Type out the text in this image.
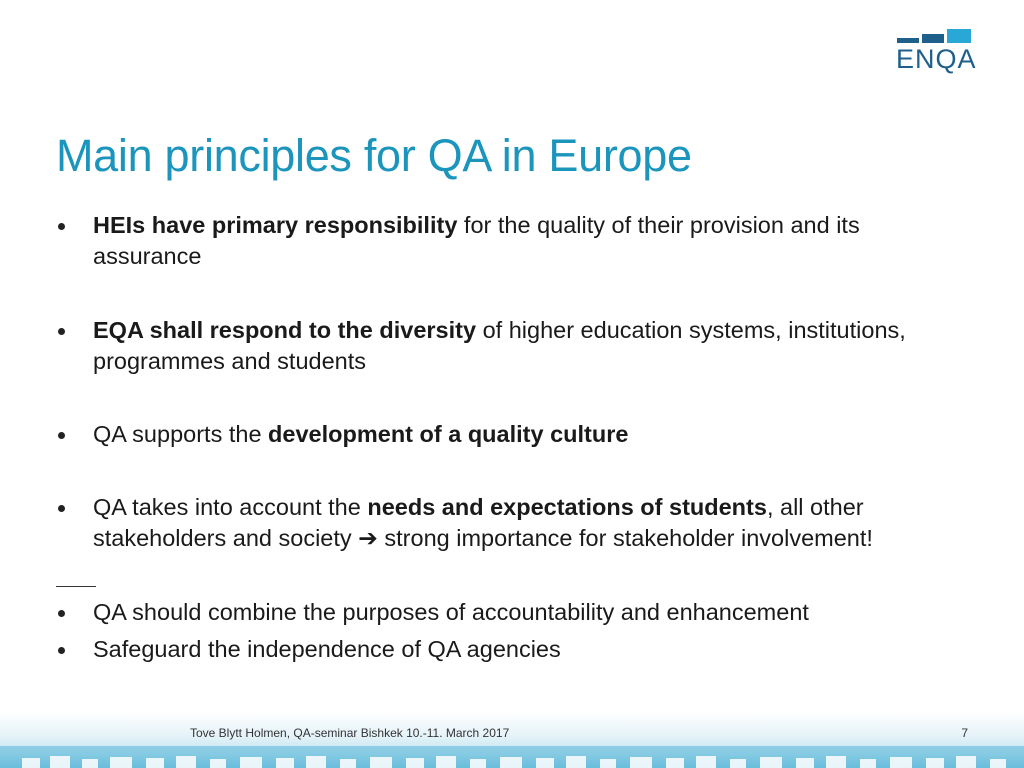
ENQA
Main principles for QA in Europe
HEIs have primary responsibility for the quality of their provision and its assurance
EQA shall respond to the diversity of higher education systems, institutions, programmes and students
QA supports the development of a quality culture
QA takes into account the needs and expectations of students, all other stakeholders and society ➔ strong importance for stakeholder involvement!
QA should combine the purposes of accountability and enhancement
Safeguard the independence of QA agencies
Tove Blytt Holmen, QA-seminar Bishkek 10.-11. March 2017	7
